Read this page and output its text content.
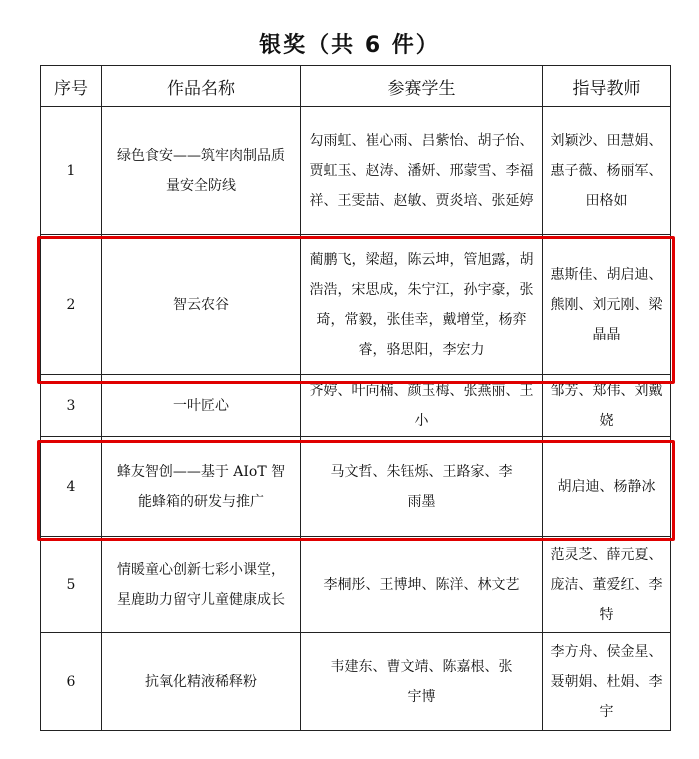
银奖（共 6 件）
序号	作品名称	参赛学生	指导教师
1	绿色食安——筑牢肉制品质量安全防线	勾雨虹、崔心雨、吕紫怡、胡子怡、贾虹玉、赵涛、潘妍、邢蒙雪、李福祥、王雯喆、赵敏、贾炎培、张延婷	刘颖沙、田慧娟、惠子薇、杨丽军、田格如

2	智云农谷	蔺鹏飞，梁超，陈云坤，管旭露，胡浩浩，宋思成，朱宁江，孙宇豪，张琦，常毅，张佳幸，戴增堂，杨弈睿，骆思阳，李宏力	惠斯佳、胡启迪、熊刚、刘元刚、梁晶晶

3	一叶匠心	齐婷、叶向楠、颜玉梅、张燕丽、王小	邹芳、郑伟、刘戴娆

4	蜂友智创——基于 AIoT 智能蜂箱的研发与推广	马文哲、朱钰烁、王路家、李雨墨	胡启迪、杨静冰

5	情暖童心创新七彩小课堂，星鹿助力留守儿童健康成长	李桐彤、王博坤、陈洋、林文艺	范灵芝、薛元夏、庞洁、董爱红、李特

6	抗氧化精液稀释粉	韦建东、曹文靖、陈嘉根、张宇博	李方舟、侯金星、聂朝娟、杜娟、李宇
